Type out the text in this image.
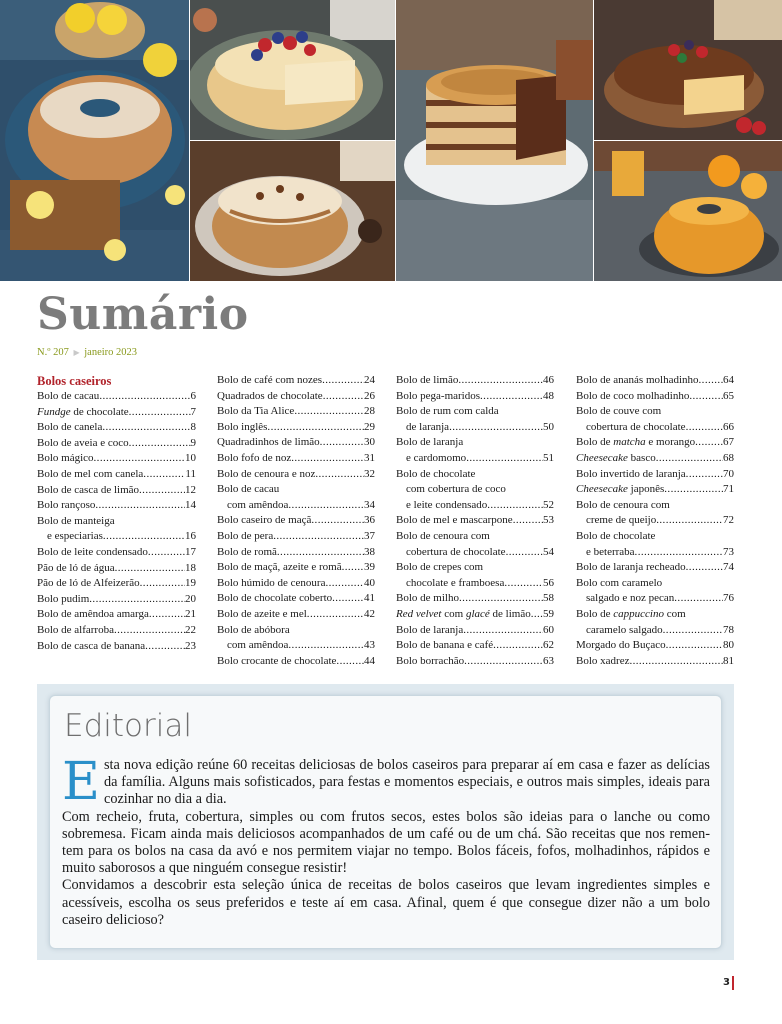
Sumário
N.º 207 ▶ janeiro 2023
Bolos caseiros
Bolo de cacau .....	6
Fundge de chocolate .....	7
Bolo de canela .....	8
Bolo de aveia e coco .....	9
Bolo mágico .....	10
Bolo de mel com canela .....	11
Bolo de casca de limão .....	12
Bolo rançoso .....	14
Bolo de manteiga
e especiarias .....	16
Bolo de leite condensado .....	17
Pão de ló de água .....	18
Pão de ló de Alfeizerão .....	19
Bolo pudim .....	20
Bolo de amêndoa amarga .....	21
Bolo de alfarroba .....	22
Bolo de casca de banana .....	23
Bolo de café com nozes .....	24
Quadrados de chocolate .....	26
Bolo da Tia Alice .....	28
Bolo inglês .....	29
Quadradinhos de limão .....	30
Bolo fofo de noz .....	31
Bolo de cenoura e noz .....	32
Bolo de cacau
com amêndoa .....	34
Bolo caseiro de maçã .....	36
Bolo de pera .....	37
Bolo de romã .....	38
Bolo de maçã, azeite e romã ..... 39
Bolo húmido de cenoura .....	40
Bolo de chocolate coberto .....	41
Bolo de azeite e mel .....	42
Bolo de abóbora
com amêndoa .....	43
Bolo crocante de chocolate .....	44
Bolo de limão .....	46
Bolo pega-maridos .....	48
Bolo de rum com calda
de laranja .....	50
Bolo de laranja
e cardomomo .....	51
Bolo de chocolate
com cobertura de coco
e leite condensado .....	52
Bolo de mel e mascarpone .....	53
Bolo de cenoura com
cobertura de chocolate .....	54
Bolo de crepes com
chocolate e framboesa .....	56
Bolo de milho .....	58
Red velvet com glacé de limão ..... 59
Bolo de laranja .....	60
Bolo de banana e café .....	62
Bolo borrachão .....	63
Bolo de ananás molhadinho ..... 64
Bolo de coco molhadinho .....	65
Bolo de couve com
cobertura de chocolate .....	66
Bolo de matcha e morango .....	67
Cheesecake basco .....	68
Bolo invertido de laranja .....	70
Cheesecake japonês .....	71
Bolo de cenoura com
creme de queijo .....	72
Bolo de chocolate
e beterraba .....	73
Bolo de laranja recheado .....	74
Bolo com caramelo
salgado e noz pecan .....	76
Bolo de cappuccino com
caramelo salgado .....	78
Morgado do Buçaco .....	80
Bolo xadrez .....	81
Editorial

Esta nova edição reúne 60 receitas deliciosas de bolos caseiros para preparar aí em casa e fazer as delícias da família. Alguns mais sofisticados, para festas e momentos especiais, e outros mais simples, ideais para cozinhar no dia a dia.

Com recheio, fruta, cobertura, simples ou com frutos secos, estes bolos são ideias para o lanche ou como sobremesa. Ficam ainda mais deliciosos acompanhados de um café ou de um chá. São receitas que nos rementem para os bolos na casa da avó e nos permitem viajar no tempo. Bolos fáceis, fofos, molhadinhos, rápidos e muito saborosos a que ninguém consegue resistir!

Convidamos a descobrir esta seleção única de receitas de bolos caseiros que levam ingredientes simples e acessíveis, escolha os seus preferidos e teste aí em casa. Afinal, quem é que consegue dizer não a um bolo caseiro delicioso?

3
